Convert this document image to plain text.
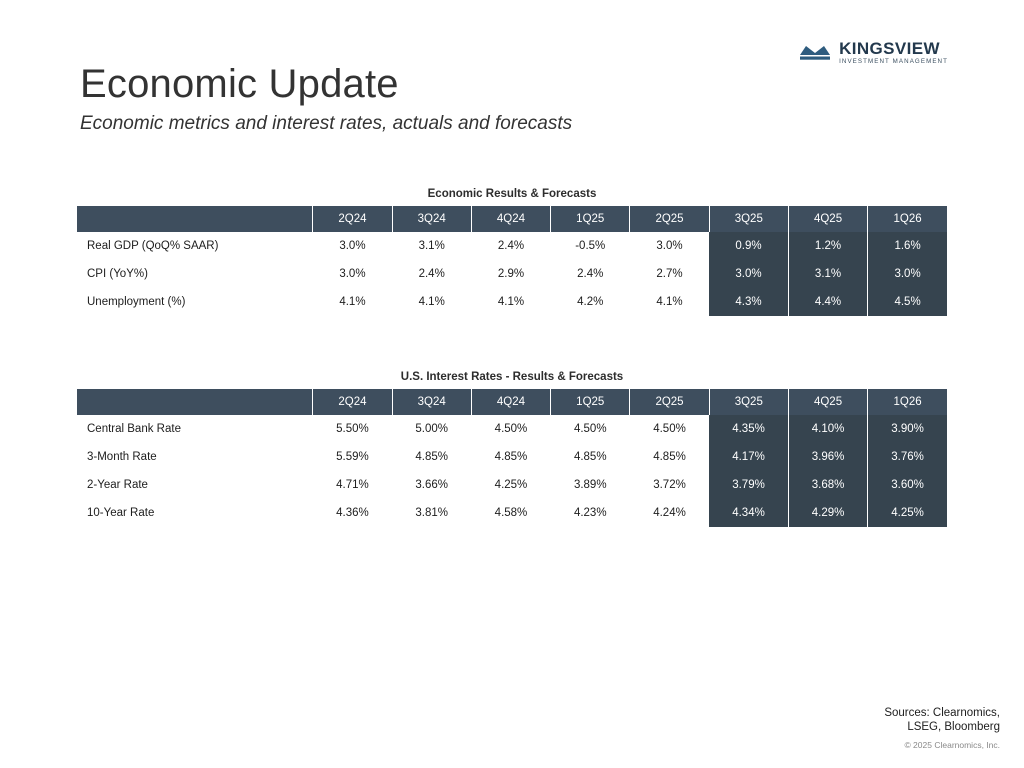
KINGSVIEW
INVESTMENT MANAGEMENT
Economic Update
Economic metrics and interest rates, actuals and forecasts
Economic Results & Forecasts
	2Q24	3Q24	4Q24	1Q25	2Q25	3Q25	4Q25	1Q26
Real GDP (QoQ% SAAR)	3.0%	3.1%	2.4%	-0.5%	3.0%	0.9%	1.2%	1.6%
CPI (YoY%)	3.0%	2.4%	2.9%	2.4%	2.7%	3.0%	3.1%	3.0%
Unemployment (%)	4.1%	4.1%	4.1%	4.2%	4.1%	4.3%	4.4%	4.5%
U.S. Interest Rates - Results & Forecasts
	2Q24	3Q24	4Q24	1Q25	2Q25	3Q25	4Q25	1Q26
Central Bank Rate	5.50%	5.00%	4.50%	4.50%	4.50%	4.35%	4.10%	3.90%
3-Month Rate	5.59%	4.85%	4.85%	4.85%	4.85%	4.17%	3.96%	3.76%
2-Year Rate	4.71%	3.66%	4.25%	3.89%	3.72%	3.79%	3.68%	3.60%
10-Year Rate	4.36%	3.81%	4.58%	4.23%	4.24%	4.34%	4.29%	4.25%
Sources: Clearnomics,
LSEG, Bloomberg
© 2025 Clearnomics, Inc.
